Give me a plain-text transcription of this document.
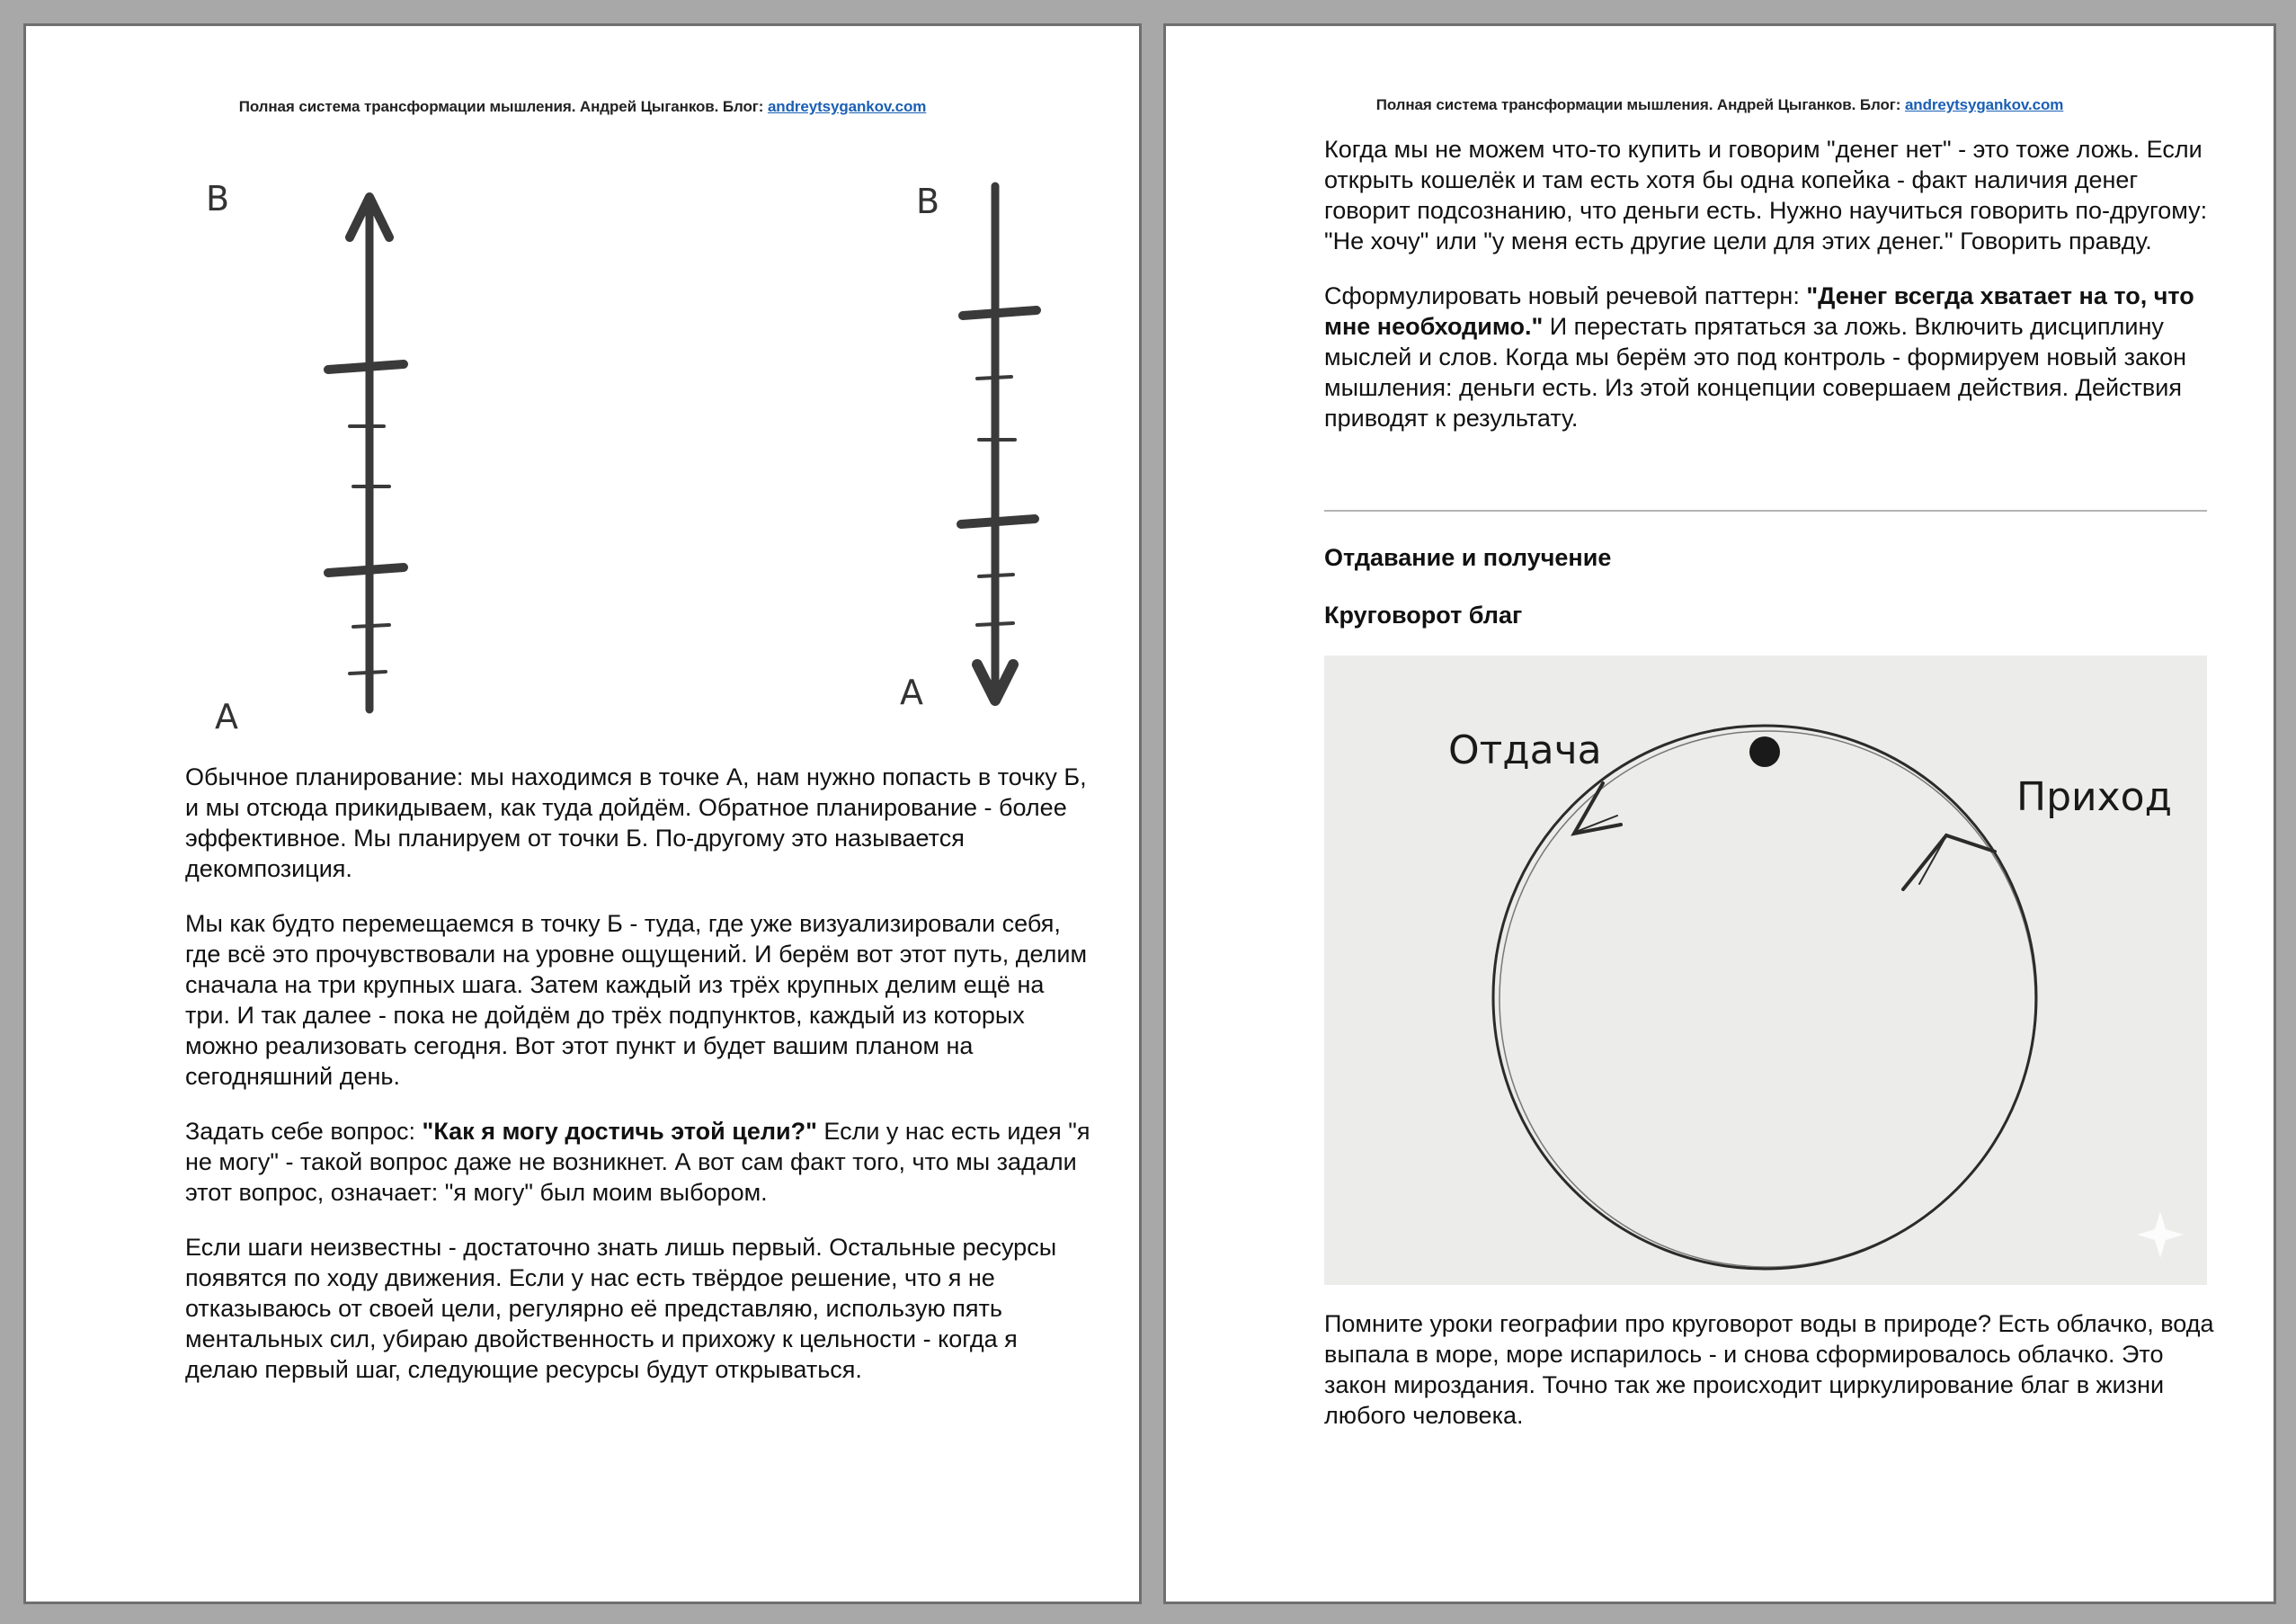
Полная система трансформации мышления. Андрей Цыганков. Блог: andreytsygankov.com
B
A
B
A

Обычное планирование: мы находимся в точке А, нам нужно попасть в точку Б, и мы отсюда прикидываем, как туда дойдём. Обратное планирование - более эффективное. Мы планируем от точки Б. По-другому это называется декомпозиция.

Мы как будто перемещаемся в точку Б - туда, где уже визуализировали себя, где всё это прочувствовали на уровне ощущений. И берём вот этот путь, делим сначала на три крупных шага. Затем каждый из трёх крупных делим ещё на три. И так далее - пока не дойдём до трёх подпунктов, каждый из которых можно реализовать сегодня. Вот этот пункт и будет вашим планом на сегодняшний день.

Задать себе вопрос: "Как я могу достичь этой цели?" Если у нас есть идея "я не могу" - такой вопрос даже не возникнет. А вот сам факт того, что мы задали этот вопрос, означает: "я могу" был моим выбором.

Если шаги неизвестны - достаточно знать лишь первый. Остальные ресурсы появятся по ходу движения. Если у нас есть твёрдое решение, что я не отказываюсь от своей цели, регулярно её представляю, использую пять ментальных сил, убираю двойственность и прихожу к цельности - когда я делаю первый шаг, следующие ресурсы будут открываться.

Полная система трансформации мышления. Андрей Цыганков. Блог: andreytsygankov.com

Когда мы не можем что-то купить и говорим "денег нет" - это тоже ложь. Если открыть кошелёк и там есть хотя бы одна копейка - факт наличия денег говорит подсознанию, что деньги есть. Нужно научиться говорить по-другому: "Не хочу" или "у меня есть другие цели для этих денег." Говорить правду.

Сформулировать новый речевой паттерн: "Денег всегда хватает на то, что мне необходимо." И перестать прятаться за ложь. Включить дисциплину мыслей и слов. Когда мы берём это под контроль - формируем новый закон мышления: деньги есть. Из этой концепции совершаем действия. Действия приводят к результату.

Отдавание и получение
Круговорот благ
Отдача
Приход

Помните уроки географии про круговорот воды в природе? Есть облачко, вода выпала в море, море испарилось - и снова сформировалось облачко. Это закон мироздания. Точно так же происходит циркулирование благ в жизни любого человека.
